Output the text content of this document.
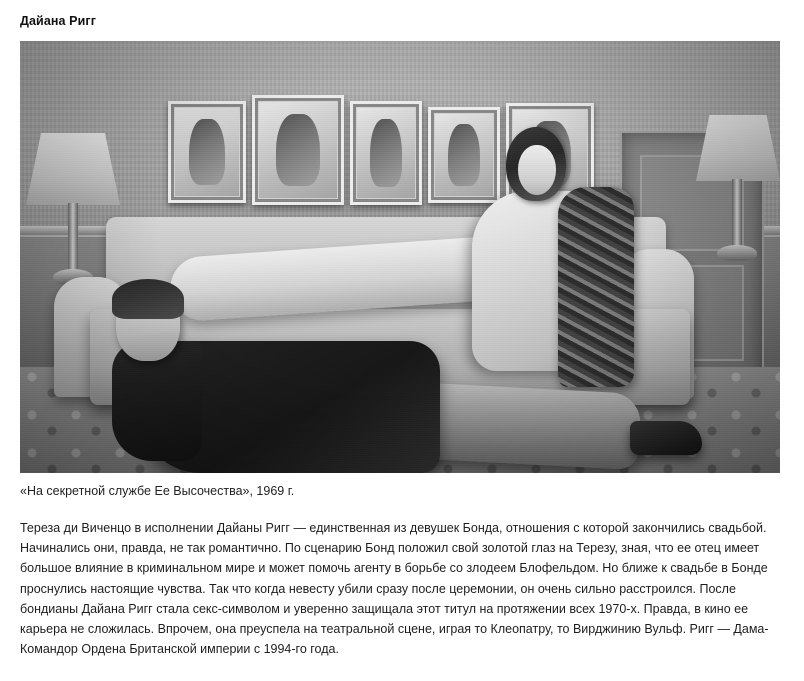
Дайана Ригг

«На секретной службе Ее Высочества», 1969 г.

Тереза ди Виченцо в исполнении Дайаны Ригг — единственная из девушек Бонда, отношения с которой закончились свадьбой. Начинались они, правда, не так романтично. По сценарию Бонд положил свой золотой глаз на Терезу, зная, что ее отец имеет большое влияние в криминальном мире и может помочь агенту в борьбе со злодеем Блофельдом. Но ближе к свадьбе в Бонде проснулись настоящие чувства. Так что когда невесту убили сразу после церемонии, он очень сильно расстроился. После бондианы Дайана Ригг стала секс-символом и уверенно защищала этот титул на протяжении всех 1970-х. Правда, в кино ее карьера не сложилась. Впрочем, она преуспела на театральной сцене, играя то Клеопатру, то Вирджинию Вульф. Ригг — Дама-Командор Ордена Британской империи с 1994-го года.
